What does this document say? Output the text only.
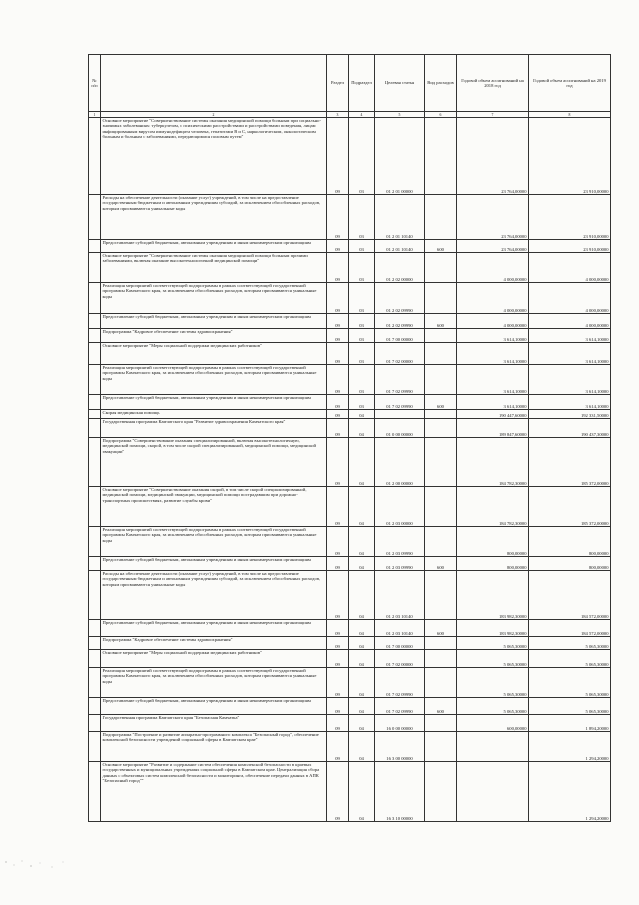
№ п/п		Раздел	Подраздел	Целевая статья	Вид расходов	Годовой объем ассигнований на 2018 год	Годовой объем ассигнований на 2019 год
1	2	3	4	5	6	7	8
	Основное мероприятие "Совершенствование системы оказания медицинской помощи больным при социально-значимых заболеваниях: туберкулезом, с психическими расстройствами и расстройствами поведения, лицам инфицированным вирусом иммунодефицита человека, гепатитами В и С, наркологическим, онкологическим больным и больным с заболеваниями, передающимися половым путем"	09	03	01 2 01 00000		23 764,00000	23 910,00000
	Расходы на обеспечение деятельности (оказание услуг) учреждений, в том числе на предоставление государственным бюджетным и автономным учреждениям субсидий, за исключением обособленных расходов, которым присваиваются уникальные коды	09	03	01 2 01 10140		23 764,00000	23 910,00000
	Предоставление субсидий бюджетным, автономным учреждениям и иным некоммерческим организациям	09	03	01 2 01 10140	600	23 764,00000	23 910,00000
	Основное мероприятие "Совершенствование системы оказания медицинской помощи больным прочими заболеваниями, включая оказание высокотехнологичной медицинской помощи"	09	03	01 2 02 00000		4 000,00000	4 000,00000
	Реализация мероприятий соответствующей подпрограммы в рамках соответствующей государственной программы Камчатского края, за исключением обособленных расходов, которым присваиваются уникальные коды	09	03	01 2 02 09990		4 000,00000	4 000,00000
	Предоставление субсидий бюджетным, автономным учреждениям и иным некоммерческим организациям	09	03	01 2 02 09990	600	4 000,00000	4 000,00000
	Подпрограмма "Кадровое обеспечение системы здравоохранения"	09	03	01 7 00 00000		3 614,10000	3 614,10000
	Основное мероприятие "Меры социальной поддержки медицинских работников"	09	03	01 7 02 00000		3 614,10000	3 614,10000
	Реализация мероприятий соответствующей подпрограммы в рамках соответствующей государственной программы Камчатского края, за исключением обособленных расходов, которым присваиваются уникальные коды	09	03	01 7 02 09990		3 614,10000	3 614,10000
	Предоставление субсидий бюджетным, автономным учреждениям и иным некоммерческим организациям	09	03	01 7 02 09990	600	3 614,10000	3 614,10000
	Скорая медицинская помощь	09	04			190 447,60000	192 331,50000
	Государственная программа Камчатского края "Развитие здравоохранения Камчатского края"	09	04	01 0 00 00000		189 847,60000	190 437,30000
	Подпрограмма "Совершенствование оказания специализированной, включая высокотехнологичную, медицинской помощи, скорой, в том числе скорой специализированной, медицинской помощи, медицинской эвакуации"	09	04	01 2 00 00000		184 782,30000	185 372,00000
	Основное мероприятие "Совершенствование оказания скорой, в том числе скорой специализированной, медицинской помощи, медицинской эвакуации, медицинской помощи пострадавшим при дорожно-транспортных происшествиях, развитие службы крови"	09	04	01 2 03 00000		184 782,30000	185 372,00000
	Реализация мероприятий соответствующей подпрограммы в рамках соответствующей государственной программы Камчатского края, за исключением обособленных расходов, которым присваиваются уникальные коды	09	04	01 2 03 09990		800,00000	800,00000
	Предоставление субсидий бюджетным, автономным учреждениям и иным некоммерческим организациям	09	04	01 2 03 09990	600	800,00000	800,00000
	Расходы на обеспечение деятельности (оказание услуг) учреждений, в том числе на предоставление государственным бюджетным и автономным учреждениям субсидий, за исключением обособленных расходов, которым присваиваются уникальные коды	09	04	01 2 03 10140		183 982,30000	184 572,00000
	Предоставление субсидий бюджетным, автономным учреждениям и иным некоммерческим организациям	09	04	01 2 03 10140	600	183 982,30000	184 572,00000
	Подпрограмма "Кадровое обеспечение системы здравоохранения"	09	04	01 7 00 00000		5 065,30000	5 065,30000
	Основное мероприятие "Меры социальной поддержки медицинских работников"	09	04	01 7 02 00000		5 065,30000	5 065,30000
	Реализация мероприятий соответствующей подпрограммы в рамках соответствующей государственной программы Камчатского края, за исключением обособленных расходов, которым присваиваются уникальные коды	09	04	01 7 02 09990		5 065,30000	5 065,30000
	Предоставление субсидий бюджетным, автономным учреждениям и иным некоммерческим организациям	09	04	01 7 02 09990	600	5 065,30000	5 065,30000
	Государственная программа Камчатского края "Безопасная Камчатка"	09	04	16 0 00 00000		600,00000	1 894,20000
	Подпрограмма "Построение и развитие аппаратно-программного комплекса "Безопасный город", обеспечение комплексной безопасности учреждений социальной сферы в Камчатском крае"	09	04	16 3 00 00000			1 294,20000
	Основное мероприятие "Развитие и содержание систем обеспечения комплексной безопасности в краевых государственных и муниципальных учреждениях социальной сферы в Камчатском крае. Централизация сбора данных с объектовых систем комплексной безопасности и мониторинга, обеспечение передачи данных в АПК "Безопасный город""	09	04	16 3 10 00000			1 294,20000
